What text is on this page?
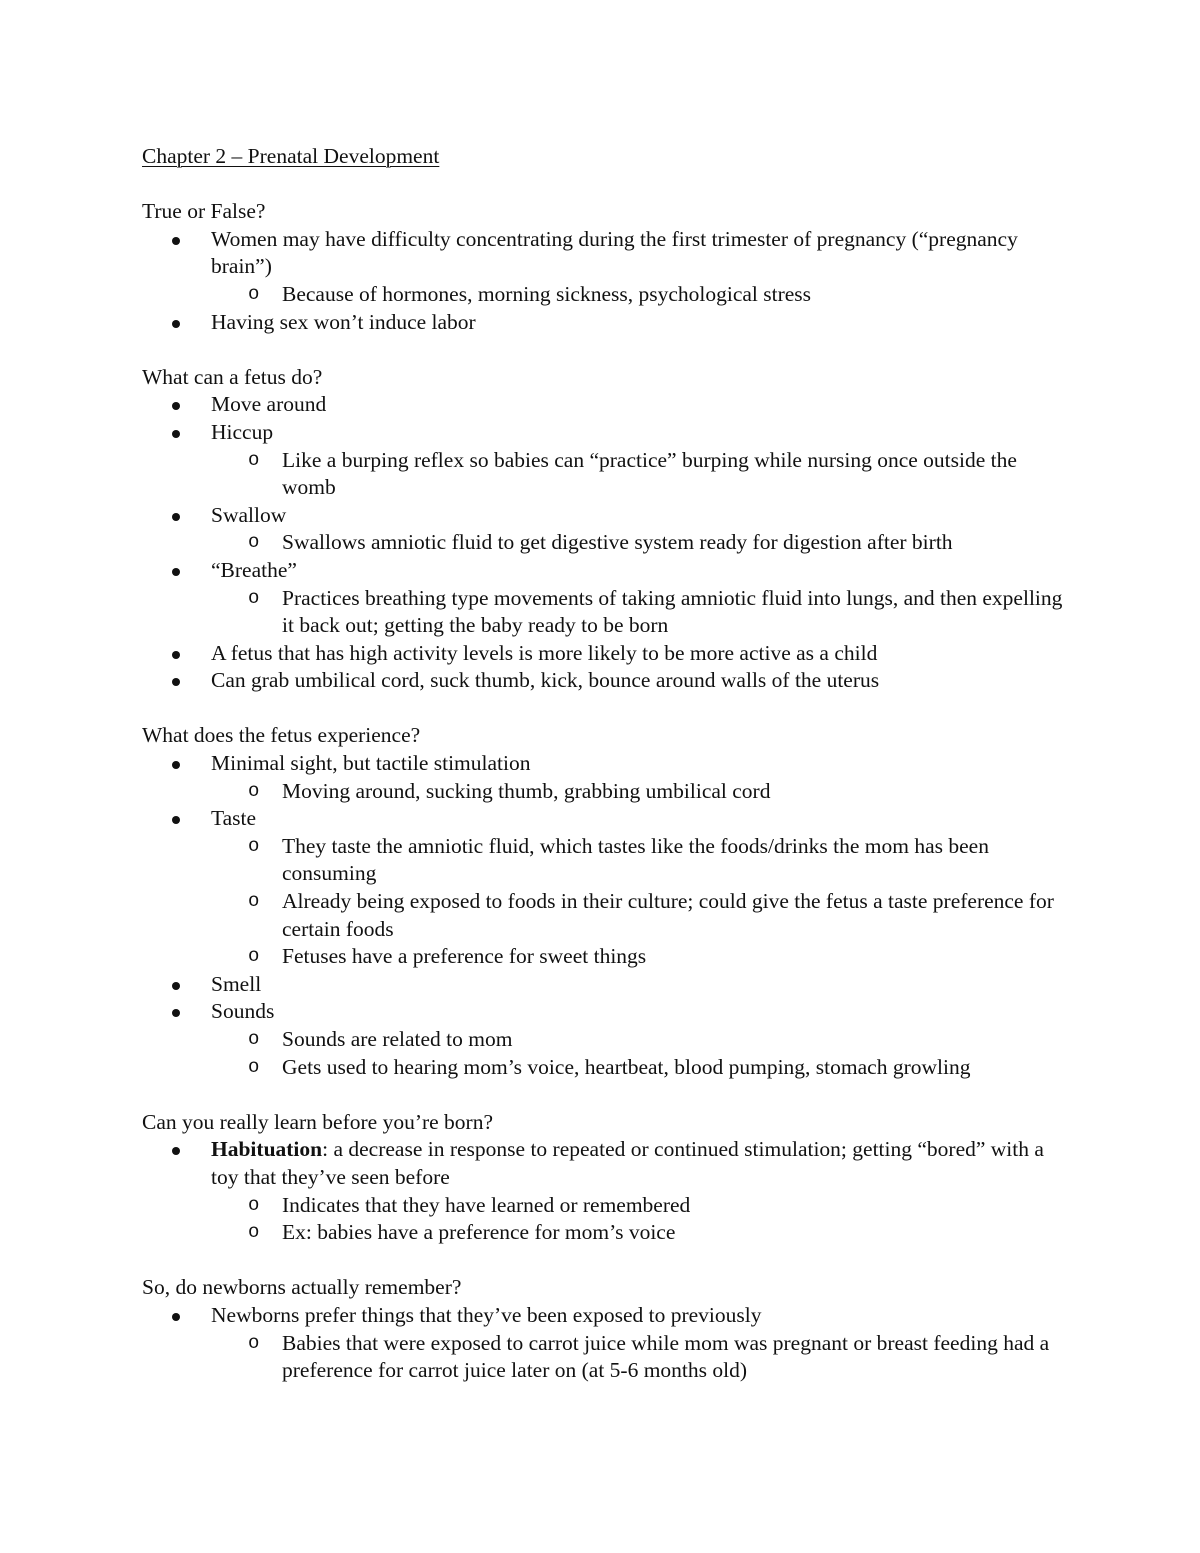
Chapter 2 – Prenatal Development

True or False?

Women may have difficulty concentrating during the first trimester of pregnancy (“pregnancy brain”)
o Because of hormones, morning sickness, psychological stress
Having sex won’t induce labor

What can a fetus do?

Move around
Hiccup
o Like a burping reflex so babies can “practice” burping while nursing once outside the womb
Swallow
o Swallows amniotic fluid to get digestive system ready for digestion after birth
“Breathe”
o Practices breathing type movements of taking amniotic fluid into lungs, and then expelling it back out; getting the baby ready to be born
A fetus that has high activity levels is more likely to be more active as a child
Can grab umbilical cord, suck thumb, kick, bounce around walls of the uterus

What does the fetus experience?

Minimal sight, but tactile stimulation
o Moving around, sucking thumb, grabbing umbilical cord
Taste
o They taste the amniotic fluid, which tastes like the foods/drinks the mom has been consuming
o Already being exposed to foods in their culture; could give the fetus a taste preference for certain foods
o Fetuses have a preference for sweet things
Smell
Sounds
o Sounds are related to mom
o Gets used to hearing mom’s voice, heartbeat, blood pumping, stomach growling

Can you really learn before you’re born?

Habituation: a decrease in response to repeated or continued stimulation; getting “bored” with a toy that they’ve seen before
o Indicates that they have learned or remembered
o Ex: babies have a preference for mom’s voice

So, do newborns actually remember?

Newborns prefer things that they’ve been exposed to previously
o Babies that were exposed to carrot juice while mom was pregnant or breast feeding had a preference for carrot juice later on (at 5-6 months old)
